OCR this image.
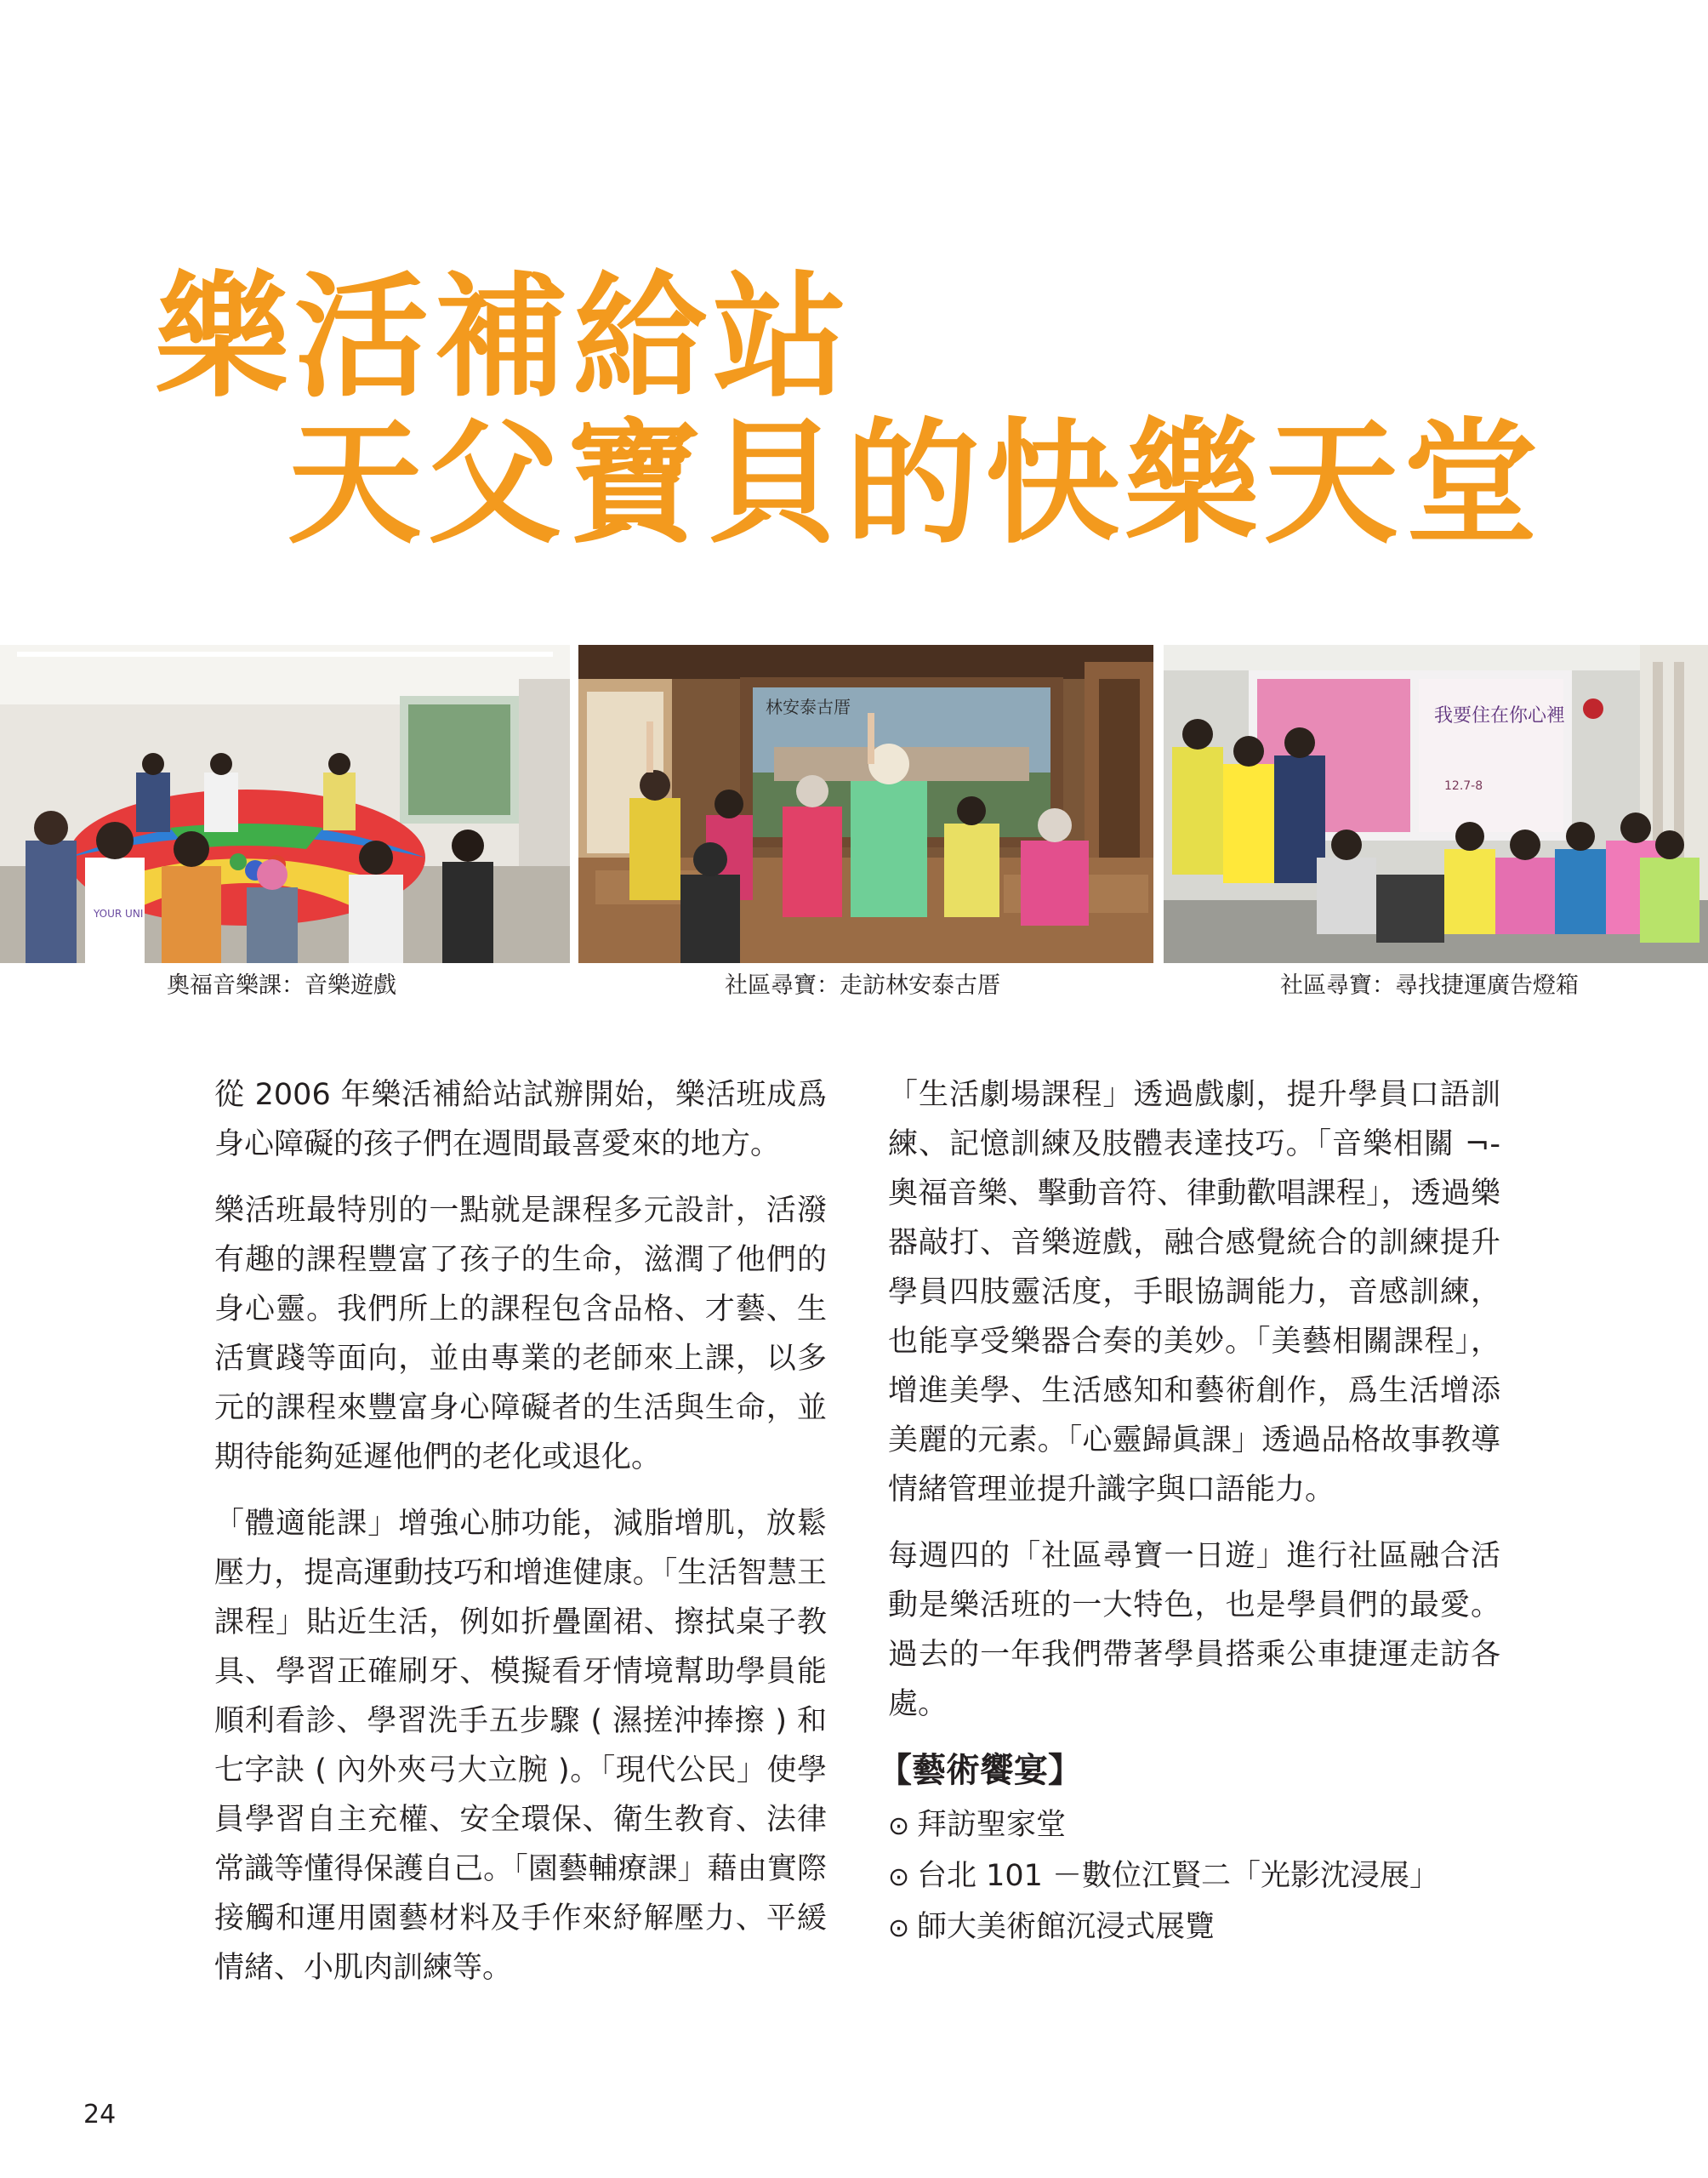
樂活補給站
天父寶貝的快樂天堂
YOUR UNI
林安泰古厝	我要住在你心裡
12.7-8
奧福音樂課：音樂遊戲	社區尋寶：走訪林安泰古厝	社區尋寶：尋找捷運廣告燈箱

從 2006 年樂活補給站試辦開始，樂活班成爲身心障礙的孩子們在週間最喜愛來的地方。

樂活班最特別的一點就是課程多元設計，活潑有趣的課程豐富了孩子的生命，滋潤了他們的身心靈。我們所上的課程包含品格、才藝、生活實踐等面向，並由專業的老師來上課，以多元的課程來豐富身心障礙者的生活與生命，並期待能夠延遲他們的老化或退化。

「體適能課」增強心肺功能，減脂增肌，放鬆壓力，提高運動技巧和增進健康。「生活智慧王課程」貼近生活，例如折疊圍裙、擦拭桌子教具、學習正確刷牙、模擬看牙情境幫助學員能順利看診、學習洗手五步驟 ( 濕搓沖捧擦 ) 和七字訣 ( 內外夾弓大立腕 )。「現代公民」使學員學習自主充權、安全環保、衛生教育、法律常識等懂得保護自己。「園藝輔療課」藉由實際接觸和運用園藝材料及手作來紓解壓力、平緩情緒、小肌肉訓練等。

「生活劇場課程」透過戲劇，提升學員口語訓練、記憶訓練及肢體表達技巧。「音樂相關 ¬- 奧福音樂、擊動音符、律動歡唱課程」，透過樂器敲打、音樂遊戲，融合感覺統合的訓練提升學員四肢靈活度，手眼協調能力，音感訓練，也能享受樂器合奏的美妙。「美藝相關課程」，增進美學、生活感知和藝術創作，爲生活增添美麗的元素。「心靈歸眞課」透過品格故事教導情緒管理並提升識字與口語能力。

每週四的「社區尋寶一日遊」進行社區融合活動是樂活班的一大特色，也是學員們的最愛。過去的一年我們帶著學員搭乘公車捷運走訪各處。

【藝術饗宴】
⊙ 拜訪聖家堂
⊙ 台北 101 －數位江賢二「光影沈浸展」
⊙ 師大美術館沉浸式展覽
24
